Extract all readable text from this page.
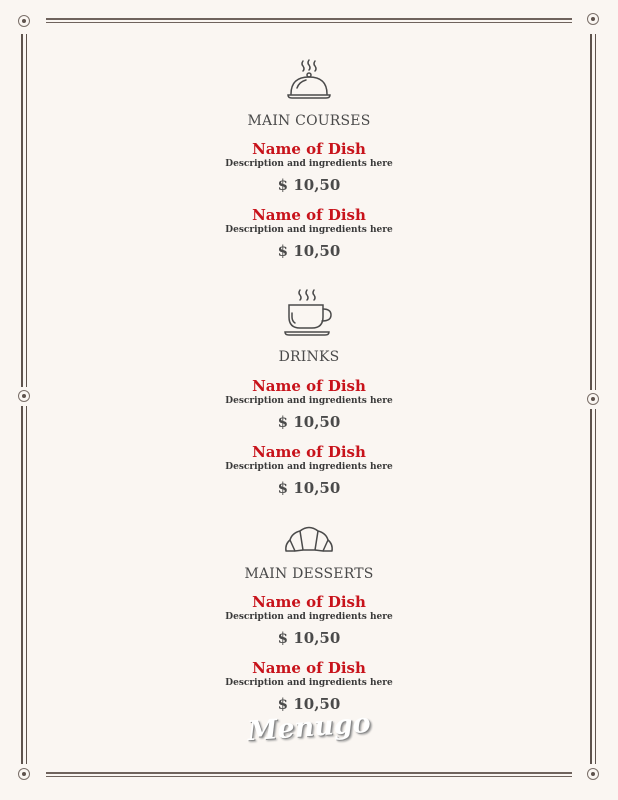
MAIN COURSES
Name of Dish
Description and ingredients here
$ 10,50
Name of Dish
Description and ingredients here
$ 10,50
DRINKS
Name of Dish
Description and ingredients here
$ 10,50
Name of Dish
Description and ingredients here
$ 10,50
MAIN DESSERTS
Name of Dish
Description and ingredients here
$ 10,50
Name of Dish
Description and ingredients here
$ 10,50
Menugo
